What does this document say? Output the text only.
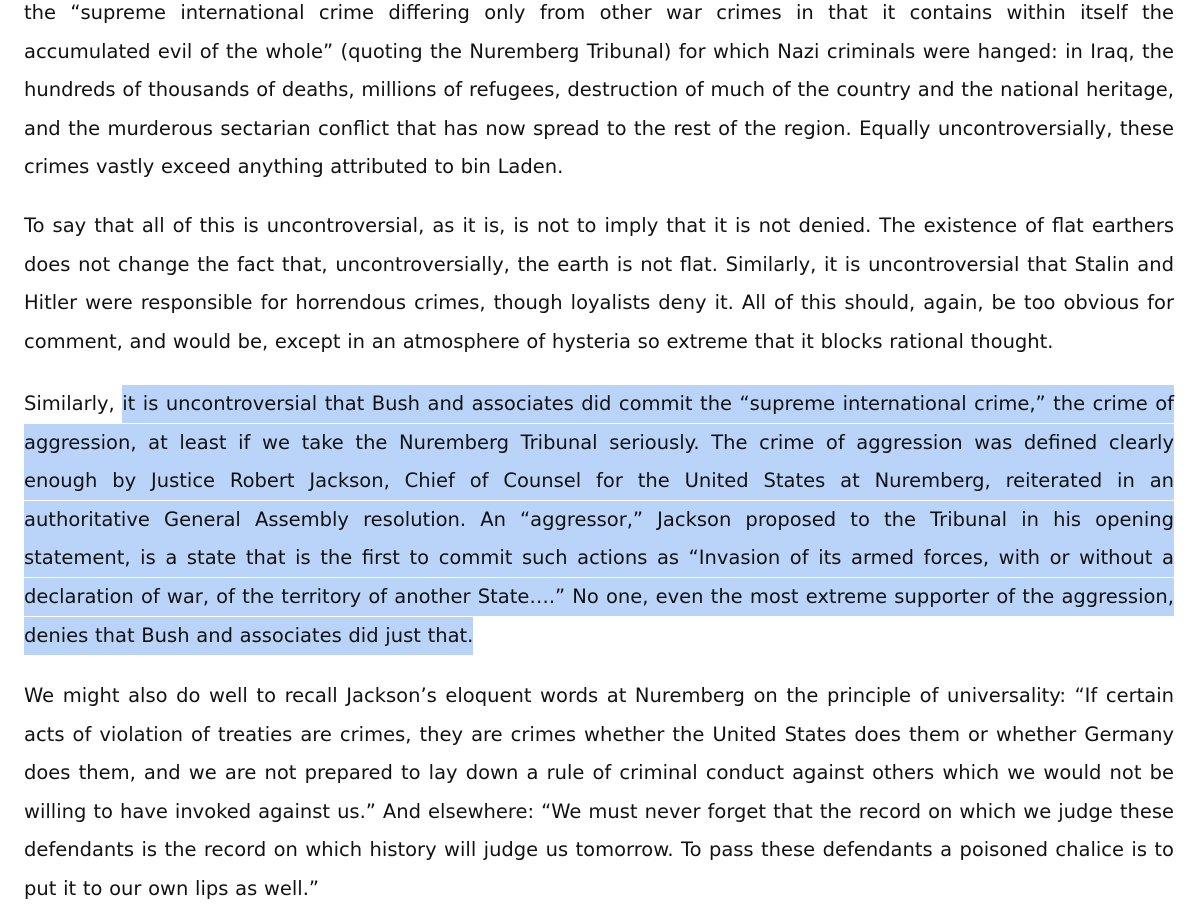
the “supreme international crime differing only from other war crimes in that it contains within itself the accumulated evil of the whole” (quoting the Nuremberg Tribunal) for which Nazi criminals were hanged: in Iraq, the hundreds of thousands of deaths, millions of refugees, destruction of much of the country and the national heritage, and the murderous sectarian conflict that has now spread to the rest of the region. Equally uncontroversially, these crimes vastly exceed anything attributed to bin Laden.

To say that all of this is uncontroversial, as it is, is not to imply that it is not denied. The existence of flat earthers does not change the fact that, uncontroversially, the earth is not flat. Similarly, it is uncontroversial that Stalin and Hitler were responsible for horrendous crimes, though loyalists deny it. All of this should, again, be too obvious for comment, and would be, except in an atmosphere of hysteria so extreme that it blocks rational thought.

Similarly, it is uncontroversial that Bush and associates did commit the “supreme international crime,” the crime of aggression, at least if we take the Nuremberg Tribunal seriously. The crime of aggression was defined clearly enough by Justice Robert Jackson, Chief of Counsel for the United States at Nuremberg, reiterated in an authoritative General Assembly resolution. An “aggressor,” Jackson proposed to the Tribunal in his opening statement, is a state that is the first to commit such actions as “Invasion of its armed forces, with or without a declaration of war, of the territory of another State….” No one, even the most extreme supporter of the aggression, denies that Bush and associates did just that.

We might also do well to recall Jackson’s eloquent words at Nuremberg on the principle of universality: “If certain acts of violation of treaties are crimes, they are crimes whether the United States does them or whether Germany does them, and we are not prepared to lay down a rule of criminal conduct against others which we would not be willing to have invoked against us.” And elsewhere: “We must never forget that the record on which we judge these defendants is the record on which history will judge us tomorrow. To pass these defendants a poisoned chalice is to put it to our own lips as well.”
